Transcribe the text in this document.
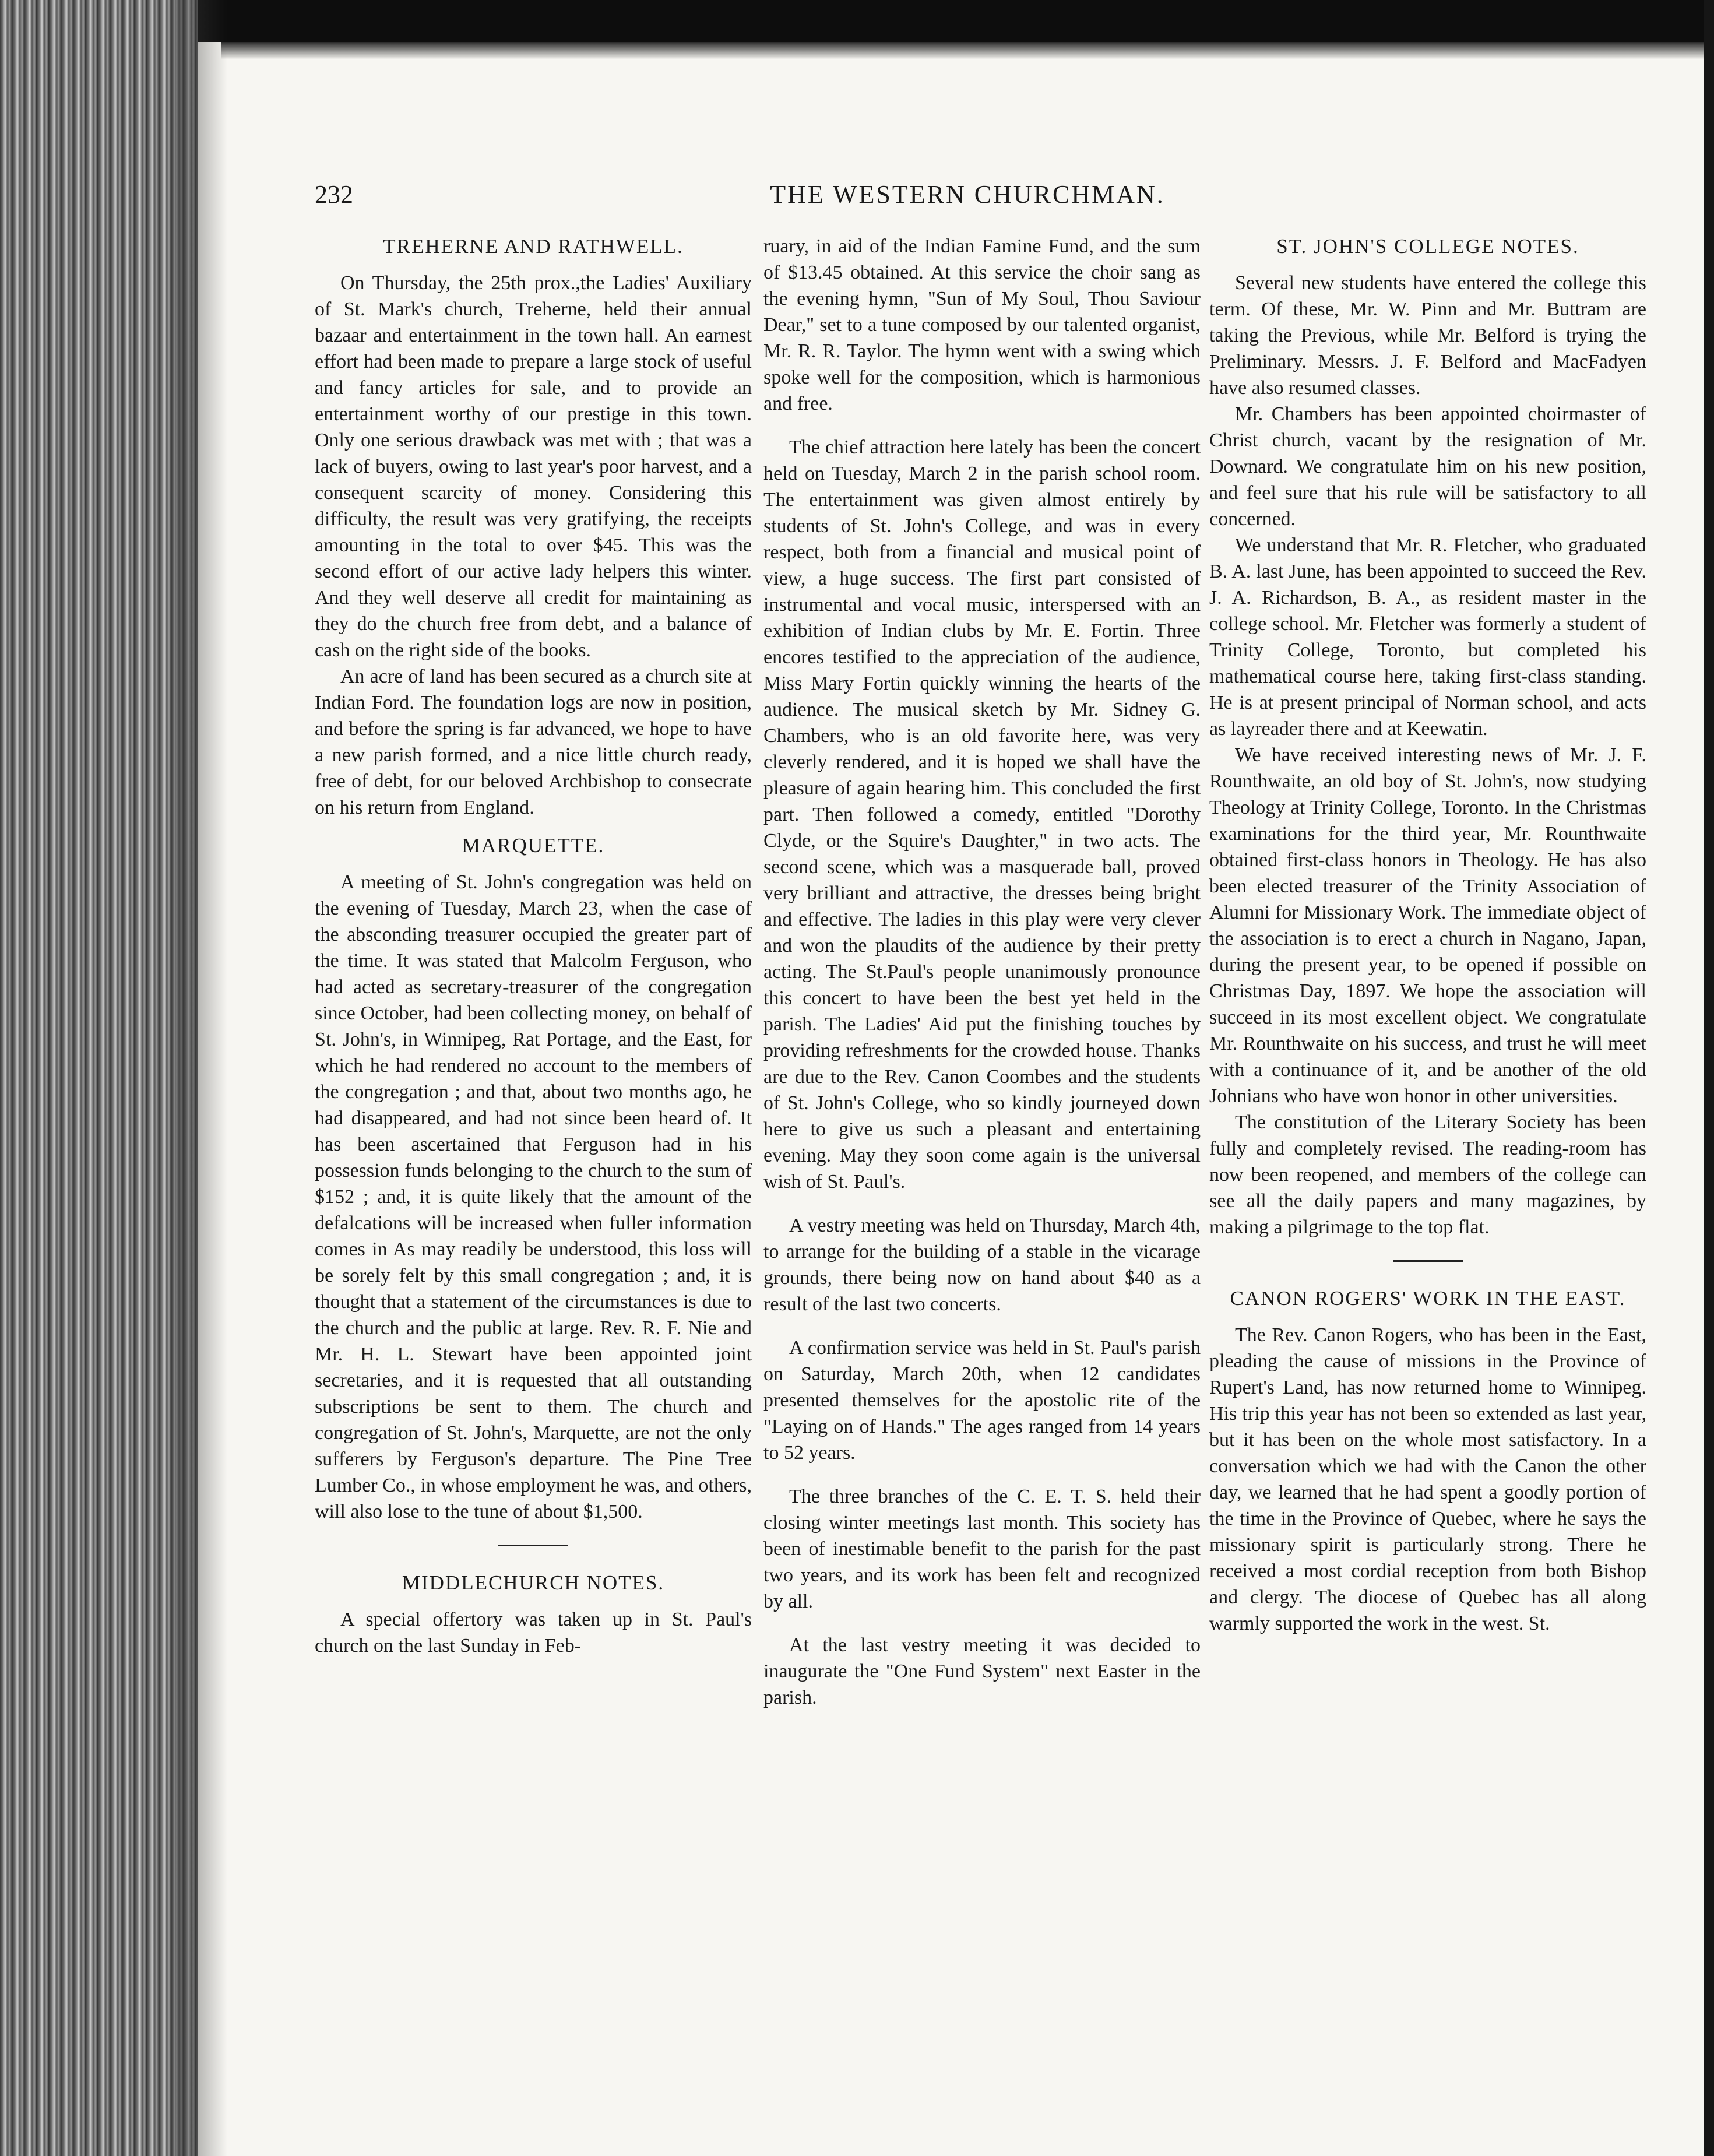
232	THE WESTERN CHURCHMAN.
TREHERNE AND RATHWELL.

On Thursday, the 25th prox.,the Ladies' Auxiliary of St. Mark's church, Treherne, held their annual bazaar and entertainment in the town hall. An earnest effort had been made to prepare a large stock of useful and fancy articles for sale, and to provide an entertainment worthy of our prestige in this town. Only one serious drawback was met with ; that was a lack of buyers, owing to last year's poor harvest, and a consequent scarcity of money. Considering this difficulty, the result was very gratifying, the receipts amounting in the total to over $45. This was the second effort of our active lady helpers this winter. And they well deserve all credit for maintaining as they do the church free from debt, and a balance of cash on the right side of the books.

An acre of land has been secured as a church site at Indian Ford. The foundation logs are now in position, and before the spring is far advanced, we hope to have a new parish formed, and a nice little church ready, free of debt, for our beloved Archbishop to consecrate on his return from England.

MARQUETTE.

A meeting of St. John's congregation was held on the evening of Tuesday, March 23, when the case of the absconding treasurer occupied the greater part of the time. It was stated that Malcolm Ferguson, who had acted as secretary-treasurer of the congregation since October, had been collecting money, on behalf of St. John's, in Winnipeg, Rat Portage, and the East, for which he had rendered no account to the members of the congregation ; and that, about two months ago, he had disappeared, and had not since been heard of. It has been ascertained that Ferguson had in his possession funds belonging to the church to the sum of $152 ; and, it is quite likely that the amount of the defalcations will be increased when fuller information comes in As may readily be understood, this loss will be sorely felt by this small congregation ; and, it is thought that a statement of the circumstances is due to the church and the public at large. Rev. R. F. Nie and Mr. H. L. Stewart have been appointed joint secretaries, and it is requested that all outstanding subscriptions be sent to them. The church and congregation of St. John's, Marquette, are not the only sufferers by Ferguson's departure. The Pine Tree Lumber Co., in whose employment he was, and others, will also lose to the tune of about $1,500.

MIDDLECHURCH NOTES.

A special offertory was taken up in St. Paul's church on the last Sunday in Feb-

ruary, in aid of the Indian Famine Fund, and the sum of $13.45 obtained. At this service the choir sang as the evening hymn, "Sun of My Soul, Thou Saviour Dear," set to a tune composed by our talented organist, Mr. R. R. Taylor. The hymn went with a swing which spoke well for the composition, which is harmonious and free.

The chief attraction here lately has been the concert held on Tuesday, March 2 in the parish school room. The entertainment was given almost entirely by students of St. John's College, and was in every respect, both from a financial and musical point of view, a huge success. The first part consisted of instrumental and vocal music, interspersed with an exhibition of Indian clubs by Mr. E. Fortin. Three encores testified to the appreciation of the audience, Miss Mary Fortin quickly winning the hearts of the audience. The musical sketch by Mr. Sidney G. Chambers, who is an old favorite here, was very cleverly rendered, and it is hoped we shall have the pleasure of again hearing him. This concluded the first part. Then followed a comedy, entitled "Dorothy Clyde, or the Squire's Daughter," in two acts. The second scene, which was a masquerade ball, proved very brilliant and attractive, the dresses being bright and effective. The ladies in this play were very clever and won the plaudits of the audience by their pretty acting. The St.Paul's people unanimously pronounce this concert to have been the best yet held in the parish. The Ladies' Aid put the finishing touches by providing refreshments for the crowded house. Thanks are due to the Rev. Canon Coombes and the students of St. John's College, who so kindly journeyed down here to give us such a pleasant and entertaining evening. May they soon come again is the universal wish of St. Paul's.

A vestry meeting was held on Thursday, March 4th, to arrange for the building of a stable in the vicarage grounds, there being now on hand about $40 as a result of the last two concerts.

A confirmation service was held in St. Paul's parish on Saturday, March 20th, when 12 candidates presented themselves for the apostolic rite of the "Laying on of Hands." The ages ranged from 14 years to 52 years.

The three branches of the C. E. T. S. held their closing winter meetings last month. This society has been of inestimable benefit to the parish for the past two years, and its work has been felt and recognized by all.

At the last vestry meeting it was decided to inaugurate the "One Fund System" next Easter in the parish.

ST. JOHN'S COLLEGE NOTES.

Several new students have entered the college this term. Of these, Mr. W. Pinn and Mr. Buttram are taking the Previous, while Mr. Belford is trying the Preliminary. Messrs. J. F. Belford and MacFadyen have also resumed classes.

Mr. Chambers has been appointed choirmaster of Christ church, vacant by the resignation of Mr. Downard. We congratulate him on his new position, and feel sure that his rule will be satisfactory to all concerned.

We understand that Mr. R. Fletcher, who graduated B. A. last June, has been appointed to succeed the Rev. J. A. Richardson, B. A., as resident master in the college school. Mr. Fletcher was formerly a student of Trinity College, Toronto, but completed his mathematical course here, taking first-class standing. He is at present principal of Norman school, and acts as layreader there and at Keewatin.

We have received interesting news of Mr. J. F. Rounthwaite, an old boy of St. John's, now studying Theology at Trinity College, Toronto. In the Christmas examinations for the third year, Mr. Rounthwaite obtained first-class honors in Theology. He has also been elected treasurer of the Trinity Association of Alumni for Missionary Work. The immediate object of the association is to erect a church in Nagano, Japan, during the present year, to be opened if possible on Christmas Day, 1897. We hope the association will succeed in its most excellent object. We congratulate Mr. Rounthwaite on his success, and trust he will meet with a continuance of it, and be another of the old Johnians who have won honor in other universities.

The constitution of the Literary Society has been fully and completely revised. The reading-room has now been reopened, and members of the college can see all the daily papers and many magazines, by making a pilgrimage to the top flat.

CANON ROGERS' WORK IN THE EAST.

The Rev. Canon Rogers, who has been in the East, pleading the cause of missions in the Province of Rupert's Land, has now returned home to Winnipeg. His trip this year has not been so extended as last year, but it has been on the whole most satisfactory. In a conversation which we had with the Canon the other day, we learned that he had spent a goodly portion of the time in the Province of Quebec, where he says the missionary spirit is particularly strong. There he received a most cordial reception from both Bishop and clergy. The diocese of Quebec has all along warmly supported the work in the west. St.
